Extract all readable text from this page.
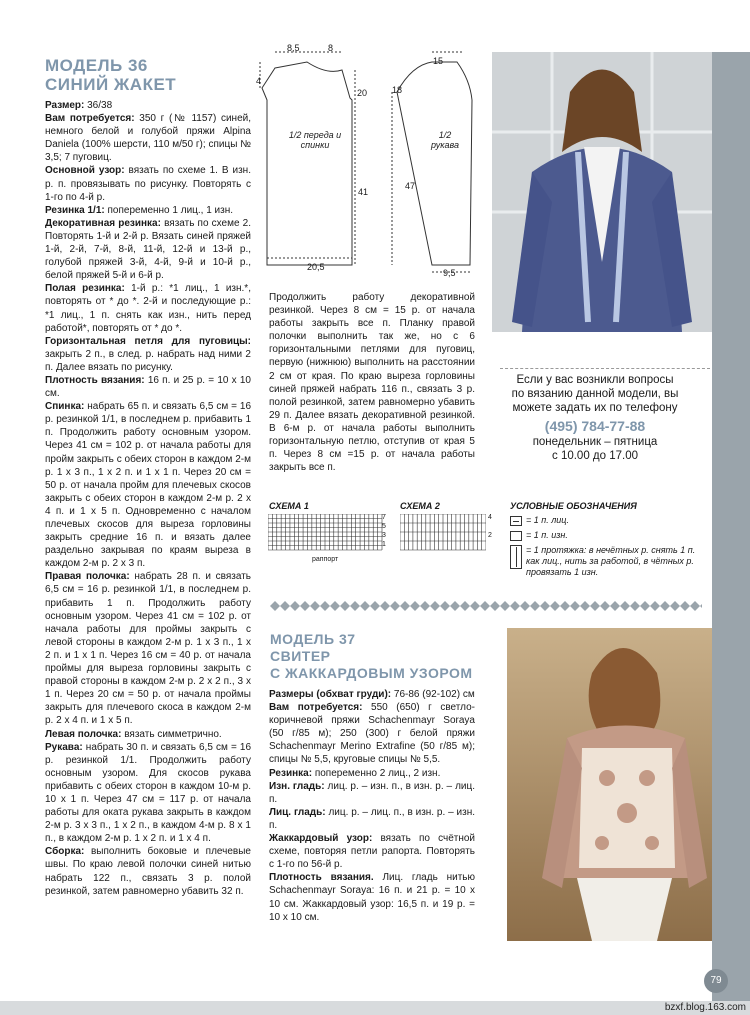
МОДЕЛЬ 36
СИНИЙ ЖАКЕТ

Размер: 36/38

Вам потребуется: 350 г (№ 1157) синей, немного белой и голубой пряжи Alpina Daniela (100% шерсти, 110 м/50 г); спицы № 3,5; 7 пуговиц.

Основной узор: вязать по схеме 1. В изн. р. п. провязывать по рисунку. Повторять с 1-го по 4-й р.

Резинка 1/1: попеременно 1 лиц., 1 изн.

Декоративная резинка: вязать по схеме 2. Повторять 1-й и 2-й р. Вязать синей пряжей 1-й, 2-й, 7-й, 8-й, 11-й, 12-й и 13-й р., голубой пряжей 3-й, 4-й, 9-й и 10-й р., белой пряжей 5-й и 6-й р.

Полая резинка: 1-й р.: *1 лиц., 1 изн.*, повторять от * до *. 2-й и последующие р.: *1 лиц., 1 п. снять как изн., нить перед работой*, повторять от * до *.

Горизонтальная петля для пуговицы: закрыть 2 п., в след. р. набрать над ними 2 п. Далее вязать по рисунку.

Плотность вязания: 16 п. и 25 р. = 10 х 10 см.

Спинка: набрать 65 п. и связать 6,5 см = 16 р. резинкой 1/1, в последнем р. прибавить 1 п. Продолжить работу основным узором. Через 41 см = 102 р. от начала работы для пройм закрыть с обеих сторон в каждом 2-м р. 1 х 3 п., 1 х 2 п. и 1 х 1 п. Через 20 см = 50 р. от начала пройм для плечевых скосов закрыть с обеих сторон в каждом 2-м р. 2 х 4 п. и 1 х 5 п. Одновременно с началом плечевых скосов для выреза горловины закрыть средние 16 п. и вязать далее раздельно закрывая по краям выреза в каждом 2-м р. 2 х 3 п.

Правая полочка: набрать 28 п. и связать 6,5 см = 16 р. резинкой 1/1, в последнем р. прибавить 1 п. Продолжить работу основным узором. Через 41 см = 102 р. от начала работы для проймы закрыть с левой стороны в каждом 2-м р. 1 х 3 п., 1 х 2 п. и 1 х 1 п. Через 16 см = 40 р. от начала проймы для выреза горловины закрыть с правой стороны в каждом 2-м р. 2 х 2 п., 3 х 1 п. Через 20 см = 50 р. от начала проймы закрыть для плечевого скоса в каждом 2-м р. 2 х 4 п. и 1 х 5 п.

Левая полочка: вязать симметрично.

Рукава: набрать 30 п. и связать 6,5 см = 16 р. резинкой 1/1. Продолжить работу основным узором. Для скосов рукава прибавить с обеих сторон в каждом 10-м р. 10 х 1 п. Через 47 см = 117 р. от начала работы для оката рукава закрыть в каждом 2-м р. 3 х 3 п., 1 х 2 п., в каждом 4-м р. 8 х 1 п., в каждом 2-м р. 1 х 2 п. и 1 х 4 п.

Сборка: выполнить боковые и плечевые швы. По краю левой полочки синей нитью набрать 122 п., связать 3 р. полой резинкой, затем равномерно убавить 32 п.

8,5	8
4
20
41
20,5
15
18
47
9,5
1/2 переда и спинки
1/2 рукава
Продолжить работу декоративной резинкой. Через 8 см = 15 р. от начала работы закрыть все п. Планку правой полочки выполнить так же, но с 6 горизонтальными петлями для пуговиц, первую (нижнюю) выполнить на расстоянии 2 см от края. По краю выреза горловины синей пряжей набрать 116 п., связать 3 р. полой резинкой, затем равномерно убавить 29 п. Далее вязать декоративной резинкой. В 6-м р. от начала работы выполнить горизонтальную петлю, отступив от края 5 п. Через 8 см =15 р. от начала работы закрыть все п.
Если у вас возникли вопросы
по вязанию данной модели, вы
можете задать их по телефону
(495) 784-77-88
понедельник – пятница
с 10.00 до 17.00
СХЕМА 1	СХЕМА 2	УСЛОВНЫЕ ОБОЗНАЧЕНИЯ
7
5
3
1
раппорт
4
2
= 1 п. лиц.
= 1 п. изн.
= 1 протяжка: в нечётных р. снять 1 п. как лиц., нить за работой, в чётных р. провязать 1 изн.
МОДЕЛЬ 37
СВИТЕР
С ЖАККАРДОВЫМ УЗОРОМ

Размеры (обхват груди): 76-86 (92-102) см

Вам потребуется: 550 (650) г светло-коричневой пряжи Schachenmayr Soraya (50 г/85 м); 250 (300) г белой пряжи Schachenmayr Merino Extrafine (50 г/85 м); спицы № 5,5, круговые спицы № 5,5.

Резинка: попеременно 2 лиц., 2 изн.

Изн. гладь: лиц. р. – изн. п., в изн. р. – лиц. п.

Лиц. гладь: лиц. р. – лиц. п., в изн. р. – изн. п.

Жаккардовый узор: вязать по счётной схеме, повторяя петли рапорта. Повторять с 1-го по 56-й р.

Плотность вязания. Лиц. гладь нитью Schachenmayr Soraya: 16 п. и 21 р. = 10 х 10 см. Жаккардовый узор: 16,5 п. и 19 р. = 10 х 10 см.

79
bzxf.blog.163.com
